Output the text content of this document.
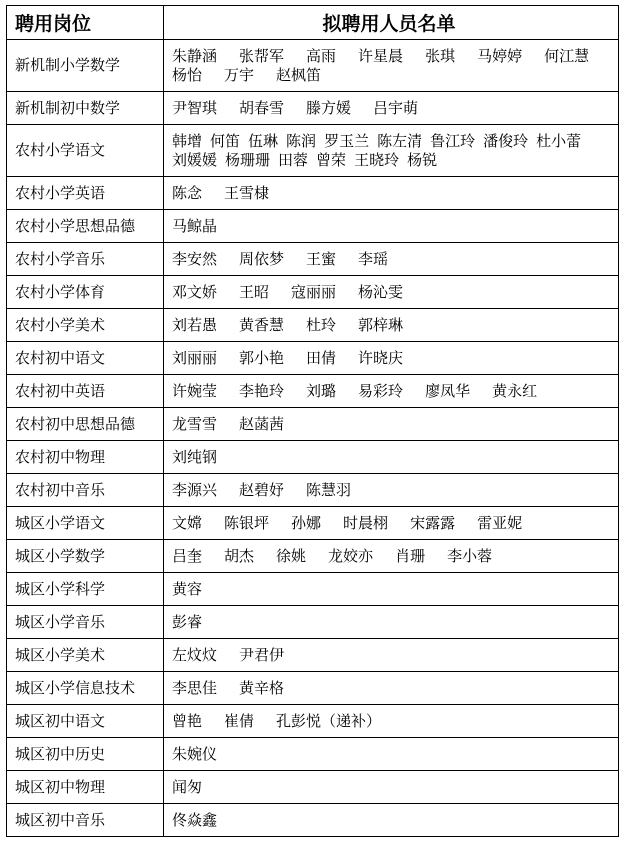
聘用岗位	拟聘用人员名单
新机制小学数学	朱静涵 张帮军 高雨 许星晨 张琪 马婷婷 何江慧杨怡 万宇 赵枫笛
新机制初中数学	尹智琪 胡春雪 滕方媛 吕宇萌
农村小学语文	韩增 何笛 伍琳 陈润 罗玉兰 陈左清 鲁江玲 潘俊玲 杜小蕾刘媛媛 杨珊珊 田蓉 曾荣 王晓玲 杨锐
农村小学英语	陈念 王雪棣
农村小学思想品德	马鲸晶
农村小学音乐	李安然 周依梦 王蜜 李瑶
农村小学体育	邓文娇 王昭 寇丽丽 杨沁雯
农村小学美术	刘若愚 黄香慧 杜玲 郭梓琳
农村初中语文	刘丽丽 郭小艳 田倩 许晓庆
农村初中英语	许婉莹 李艳玲 刘璐 易彩玲 廖凤华 黄永红
农村初中思想品德	龙雪雪 赵菡茜
农村初中物理	刘纯钢
农村初中音乐	李源兴 赵碧妤 陈慧羽
城区小学语文	文嫦 陈银坪 孙娜 时晨栩 宋露露 雷亚妮
城区小学数学	吕奎 胡杰 徐姚 龙姣亦 肖珊 李小蓉
城区小学科学	黄容
城区小学音乐	彭睿
城区小学美术	左炆炆 尹君伊
城区小学信息技术	李思佳 黄辛格
城区初中语文	曾艳 崔倩 孔彭悦（递补）
城区初中历史	朱婉仪
城区初中物理	闻匆
城区初中音乐	佟焱鑫
